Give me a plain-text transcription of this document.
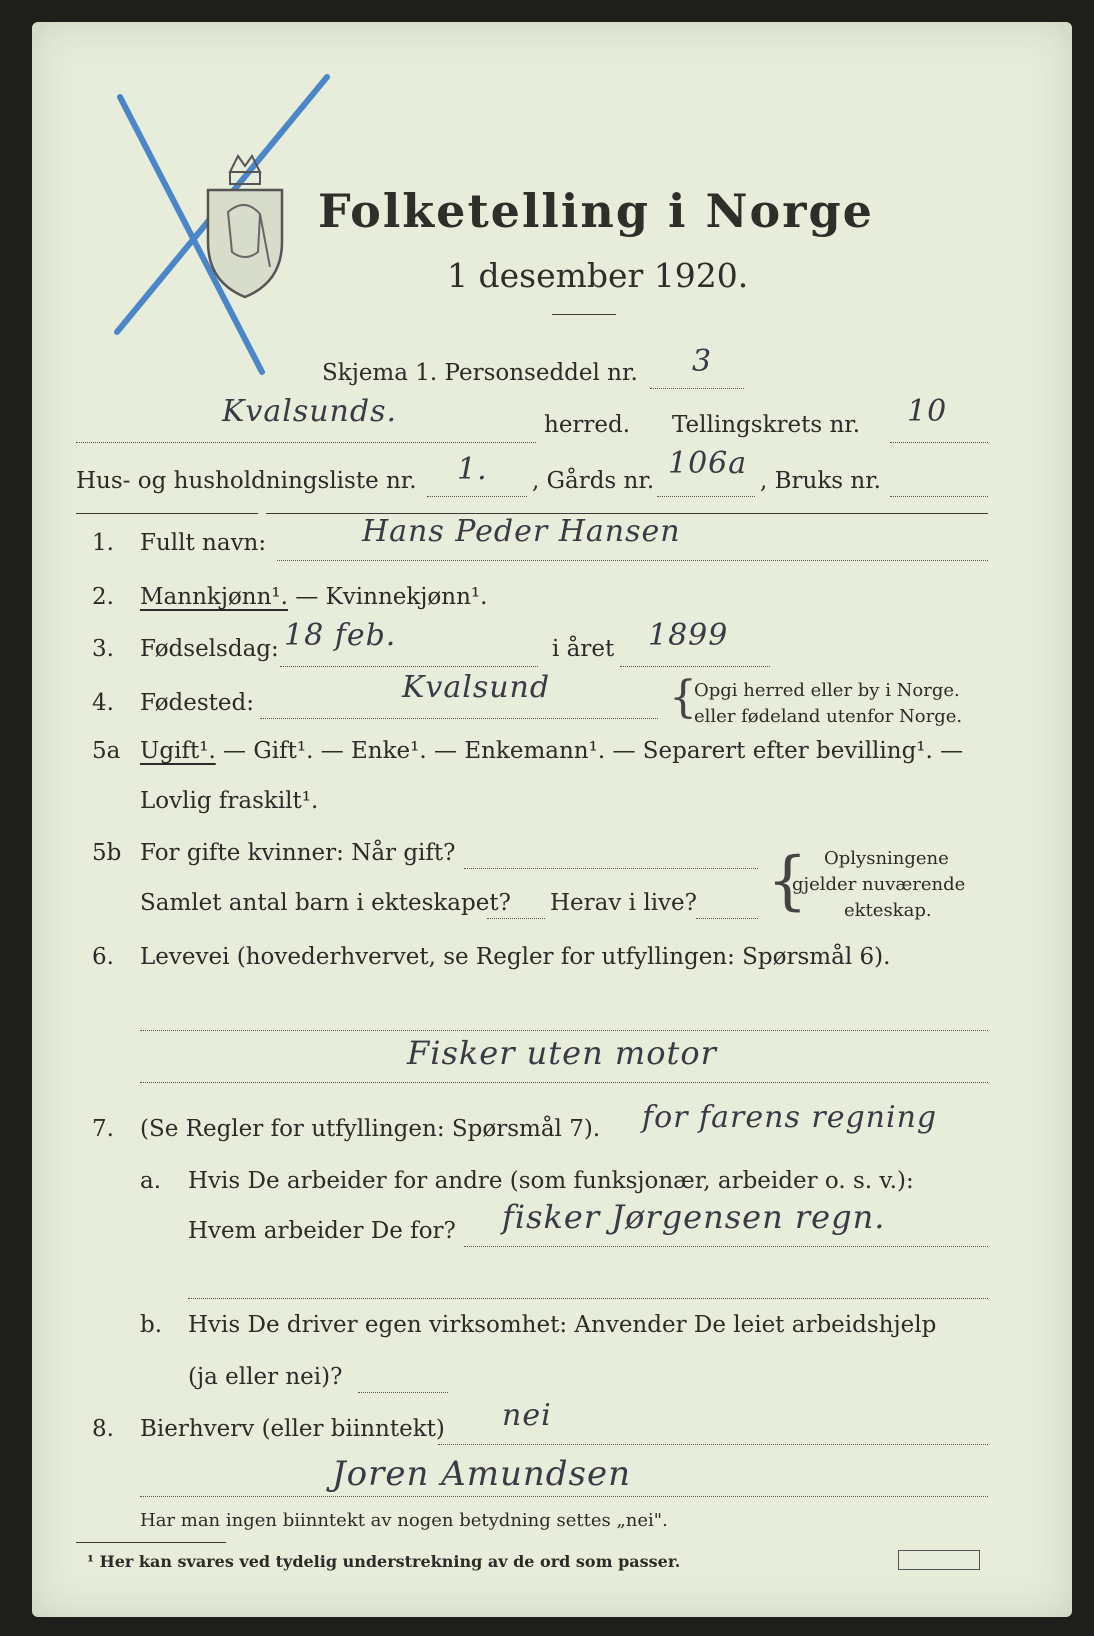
Folketelling i Norge
1 desember 1920.
Skjema 1. Personseddel nr. 3
Kvalsunds.	herred. Tellingskrets nr. 10
Hus- og husholdningsliste nr. 1. , Gårds nr. 106a , Bruks nr.
1. Fullt navn:	Hans Peder Hansen
2. Mannkjønn¹. — Kvinnekjønn¹.
3. Fødselsdag: 18 feb.	i året 1899
4. Fødested:	Kvalsund	{
Opgi herred eller by i Norge.
eller fødeland utenfor Norge.
5a Ugift¹. — Gift¹. — Enke¹. — Enkemann¹. — Separert efter bevilling¹. —
Lovlig fraskilt¹.
5b For gifte kvinner: Når gift?
Samlet antal barn i ekteskapet? Herav i live? { Oplysningene
gjelder nuværende
ekteskap.
6. Levevei (hovederhvervet, se Regler for utfyllingen: Spørsmål 6).
Fisker uten motor
7. (Se Regler for utfyllingen: Spørsmål 7). for farens regning
a. Hvis De arbeider for andre (som funksjonær, arbeider o. s. v.):
Hvem arbeider De for? fisker Jørgensen regn.
b. Hvis De driver egen virksomhet: Anvender De leiet arbeidshjelp
(ja eller nei)?
8. Bierhverv (eller biinntekt) nei
Joren Amundsen
Har man ingen biinntekt av nogen betydning settes „nei".
¹ Her kan svares ved tydelig understrekning av de ord som passer.
